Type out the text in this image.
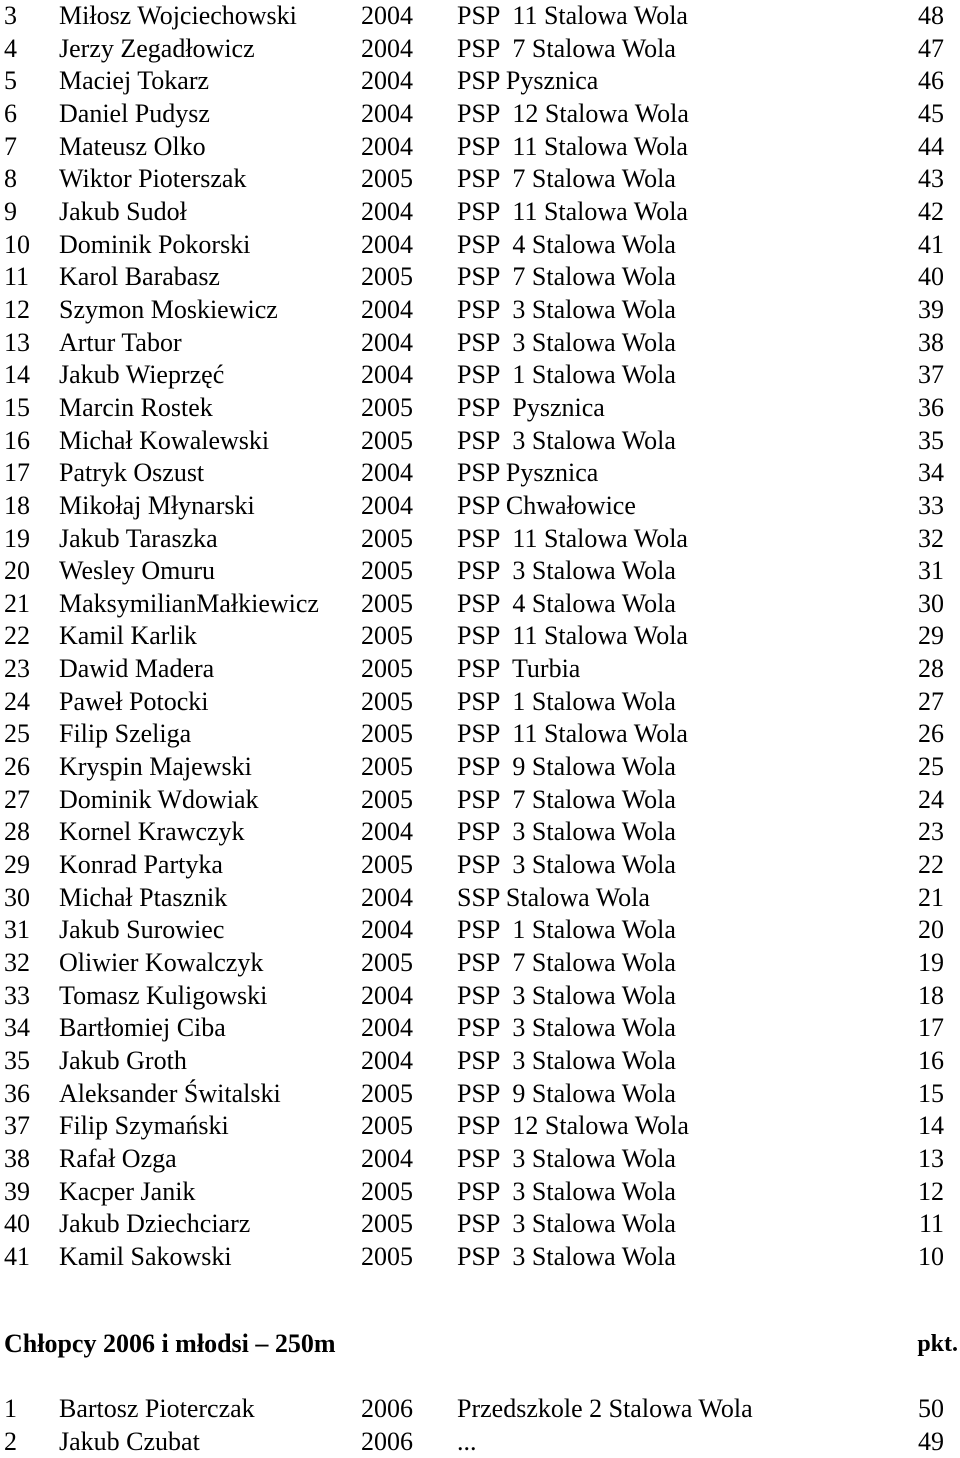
3 Miłosz Wojciechowski 2004 PSP  11 Stalowa Wola	48
4 Jerzy Zegadłowicz	2004 PSP  7 Stalowa Wola	47
5 Maciej Tokarz	2004 PSP Pysznica	46
6 Daniel Pudysz	2004 PSP  12 Stalowa Wola	45
7 Mateusz Olko	2004 PSP  11 Stalowa Wola	44
8 Wiktor Pioterszak	2005 PSP  7 Stalowa Wola	43
9 Jakub Sudoł	2004 PSP  11 Stalowa Wola	42
10 Dominik Pokorski	2004 PSP  4 Stalowa Wola	41
11 Karol Barabasz	2005 PSP  7 Stalowa Wola	40
12 Szymon Moskiewicz	2004 PSP  3 Stalowa Wola	39
13 Artur Tabor	2004 PSP  3 Stalowa Wola	38
14 Jakub Wieprzęć	2004 PSP  1 Stalowa Wola	37
15 Marcin Rostek	2005 PSP  Pysznica	36
16 Michał Kowalewski	2005 PSP  3 Stalowa Wola	35
17 Patryk Oszust	2004 PSP Pysznica	34
18 Mikołaj Młynarski	2004 PSP Chwałowice	33
19 Jakub Taraszka	2005 PSP  11 Stalowa Wola	32
20 Wesley Omuru	2005 PSP  3 Stalowa Wola	31
21 MaksymilianMałkiewicz 2005 PSP  4 Stalowa Wola	30
22 Kamil Karlik	2005 PSP  11 Stalowa Wola	29
23 Dawid Madera	2005 PSP  Turbia	28
24 Paweł Potocki	2005 PSP  1 Stalowa Wola	27
25 Filip Szeliga	2005 PSP  11 Stalowa Wola	26
26 Kryspin Majewski	2005 PSP  9 Stalowa Wola	25
27 Dominik Wdowiak	2005 PSP  7 Stalowa Wola	24
28 Kornel Krawczyk	2004 PSP  3 Stalowa Wola	23
29 Konrad Partyka	2005 PSP  3 Stalowa Wola	22
30 Michał Ptasznik	2004 SSP Stalowa Wola	21
31 Jakub Surowiec	2004 PSP  1 Stalowa Wola	20
32 Oliwier Kowalczyk	2005 PSP  7 Stalowa Wola	19
33 Tomasz Kuligowski	2004 PSP  3 Stalowa Wola	18
34 Bartłomiej Ciba	2004 PSP  3 Stalowa Wola	17
35 Jakub Groth	2004 PSP  3 Stalowa Wola	16
36 Aleksander Świtalski	2005 PSP  9 Stalowa Wola	15
37 Filip Szymański	2005 PSP  12 Stalowa Wola	14
38 Rafał Ozga	2004 PSP  3 Stalowa Wola	13
39 Kacper Janik	2005 PSP  3 Stalowa Wola	12
40 Jakub Dziechciarz	2005 PSP  3 Stalowa Wola	11
41 Kamil Sakowski	2005 PSP  3 Stalowa Wola	10
Chłopcy 2006 i młodsi – 250m	pkt.
1 Bartosz Pioterczak	2006 Przedszkole 2 Stalowa Wola	50
2 Jakub Czubat	2006 ...	49
